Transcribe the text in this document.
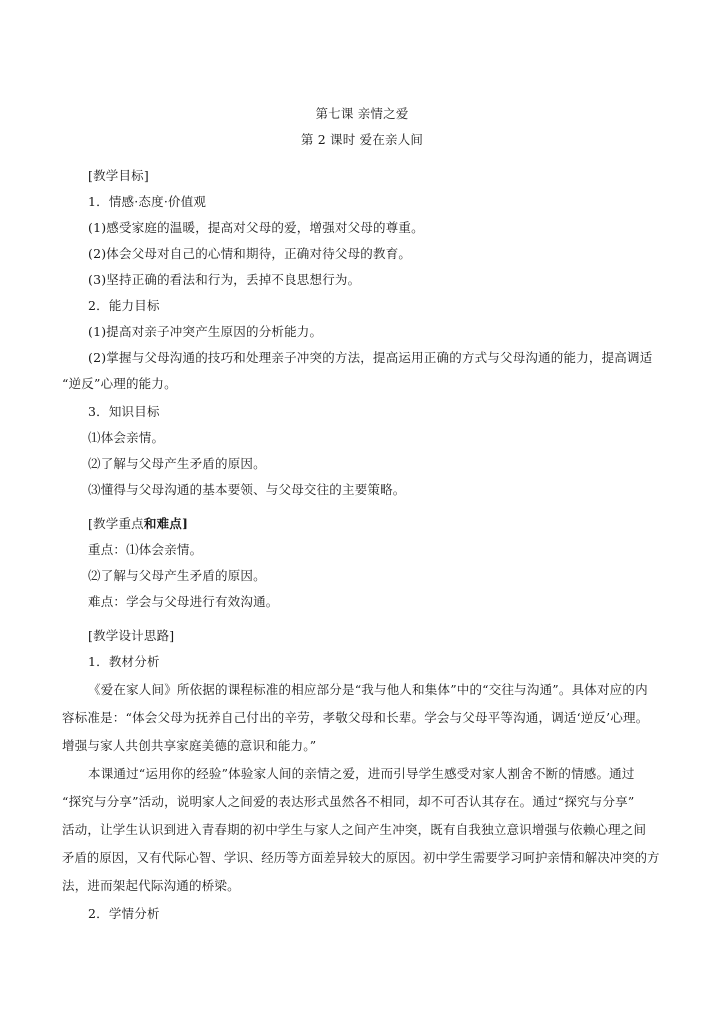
第七课 亲情之爱
第 2 课时 爱在亲人间
[教学目标]
1．情感·态度·价值观
(1)感受家庭的温暖，提高对父母的爱，增强对父母的尊重。
(2)体会父母对自己的心情和期待，正确对待父母的教育。
(3)坚持正确的看法和行为，丢掉不良思想行为。
2．能力目标
(1)提高对亲子冲突产生原因的分析能力。
(2)掌握与父母沟通的技巧和处理亲子冲突的方法，提高运用正确的方式与父母沟通的能力，提高调适
“逆反”心理的能力。
3．知识目标
⑴体会亲情。
⑵了解与父母产生矛盾的原因。
⑶懂得与父母沟通的基本要领、与父母交往的主要策略。
[教学重点和难点]
重点：⑴体会亲情。
⑵了解与父母产生矛盾的原因。
难点：学会与父母进行有效沟通。
[教学设计思路]
1．教材分析
《爱在家人间》所依据的课程标准的相应部分是“我与他人和集体”中的“交往与沟通”。具体对应的内
容标准是：“体会父母为抚养自己付出的辛劳，孝敬父母和长辈。学会与父母平等沟通，调适‘逆反’心理。
增强与家人共创共享家庭美德的意识和能力。”
本课通过“运用你的经验”体验家人间的亲情之爱，进而引导学生感受对家人割舍不断的情感。通过
“探究与分享”活动，说明家人之间爱的表达形式虽然各不相同，却不可否认其存在。通过“探究与分享”
活动，让学生认识到进入青春期的初中学生与家人之间产生冲突，既有自我独立意识增强与依赖心理之间
矛盾的原因，又有代际心智、学识、经历等方面差异较大的原因。初中学生需要学习呵护亲情和解决冲突的方
法，进而架起代际沟通的桥梁。
2．学情分析
